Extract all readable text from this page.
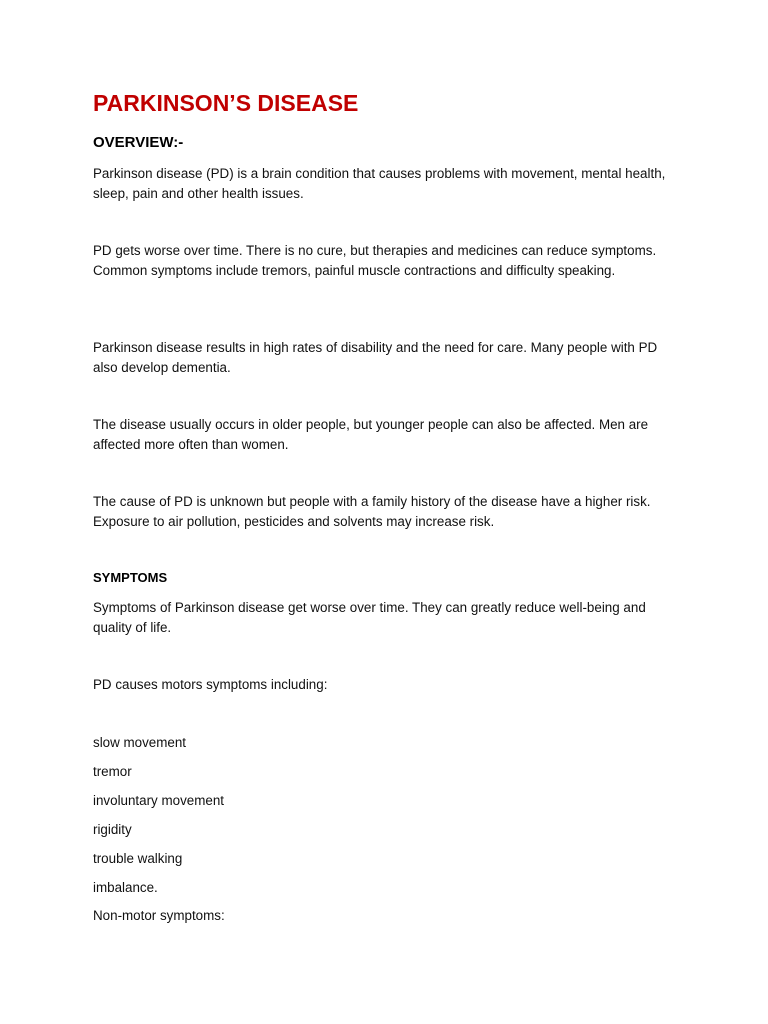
PARKINSON’S DISEASE
OVERVIEW:-

Parkinson disease (PD) is a brain condition that causes problems with movement, mental health, sleep, pain and other health issues.

PD gets worse over time. There is no cure, but therapies and medicines can reduce symptoms. Common symptoms include tremors, painful muscle contractions and difficulty speaking.

Parkinson disease results in high rates of disability and the need for care. Many people with PD also develop dementia.

The disease usually occurs in older people, but younger people can also be affected. Men are affected more often than women.

The cause of PD is unknown but people with a family history of the disease have a higher risk. Exposure to air pollution, pesticides and solvents may increase risk.

SYMPTOMS

Symptoms of Parkinson disease get worse over time. They can greatly reduce well-being and quality of life.

PD causes motors symptoms including:

slow movement

tremor

involuntary movement

rigidity

trouble walking

imbalance.

Non-motor symptoms:
